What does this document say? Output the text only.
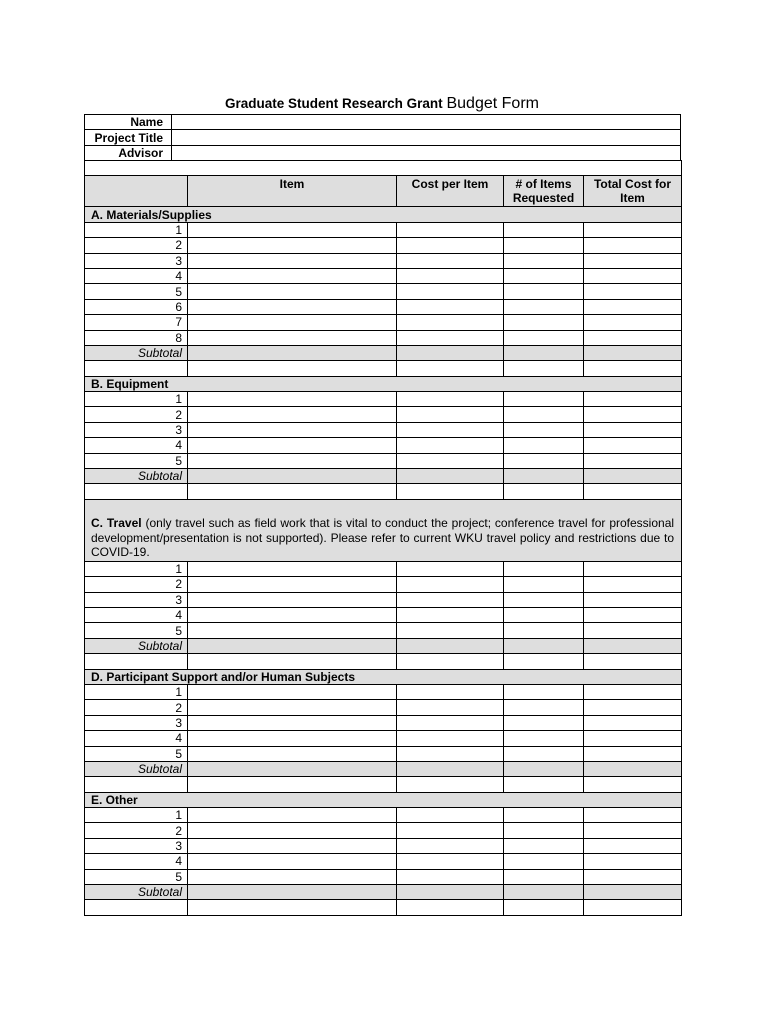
Graduate Student Research Grant Budget Form
Name	
Project Title	
Advisor	

	Item	Cost per Item	# of Items Requested	Total Cost for Item
A. Materials/Supplies				
1				
2				
3				
4				
5				
6				
7				
8				
Subtotal				

B. Equipment				
1				
2				
3				
4				
5				
Subtotal				

C. Travel (only travel such as field work that is vital to conduct the project; conference travel for professional development/presentation is not supported). Please refer to current WKU travel policy and restrictions due to COVID-19.				
1				
2				
3				
4				
5				
Subtotal				

D. Participant Support and/or Human Subjects				
1				
2				
3				
4				
5				
Subtotal				

E. Other				
1				
2				
3				
4				
5				
Subtotal				
